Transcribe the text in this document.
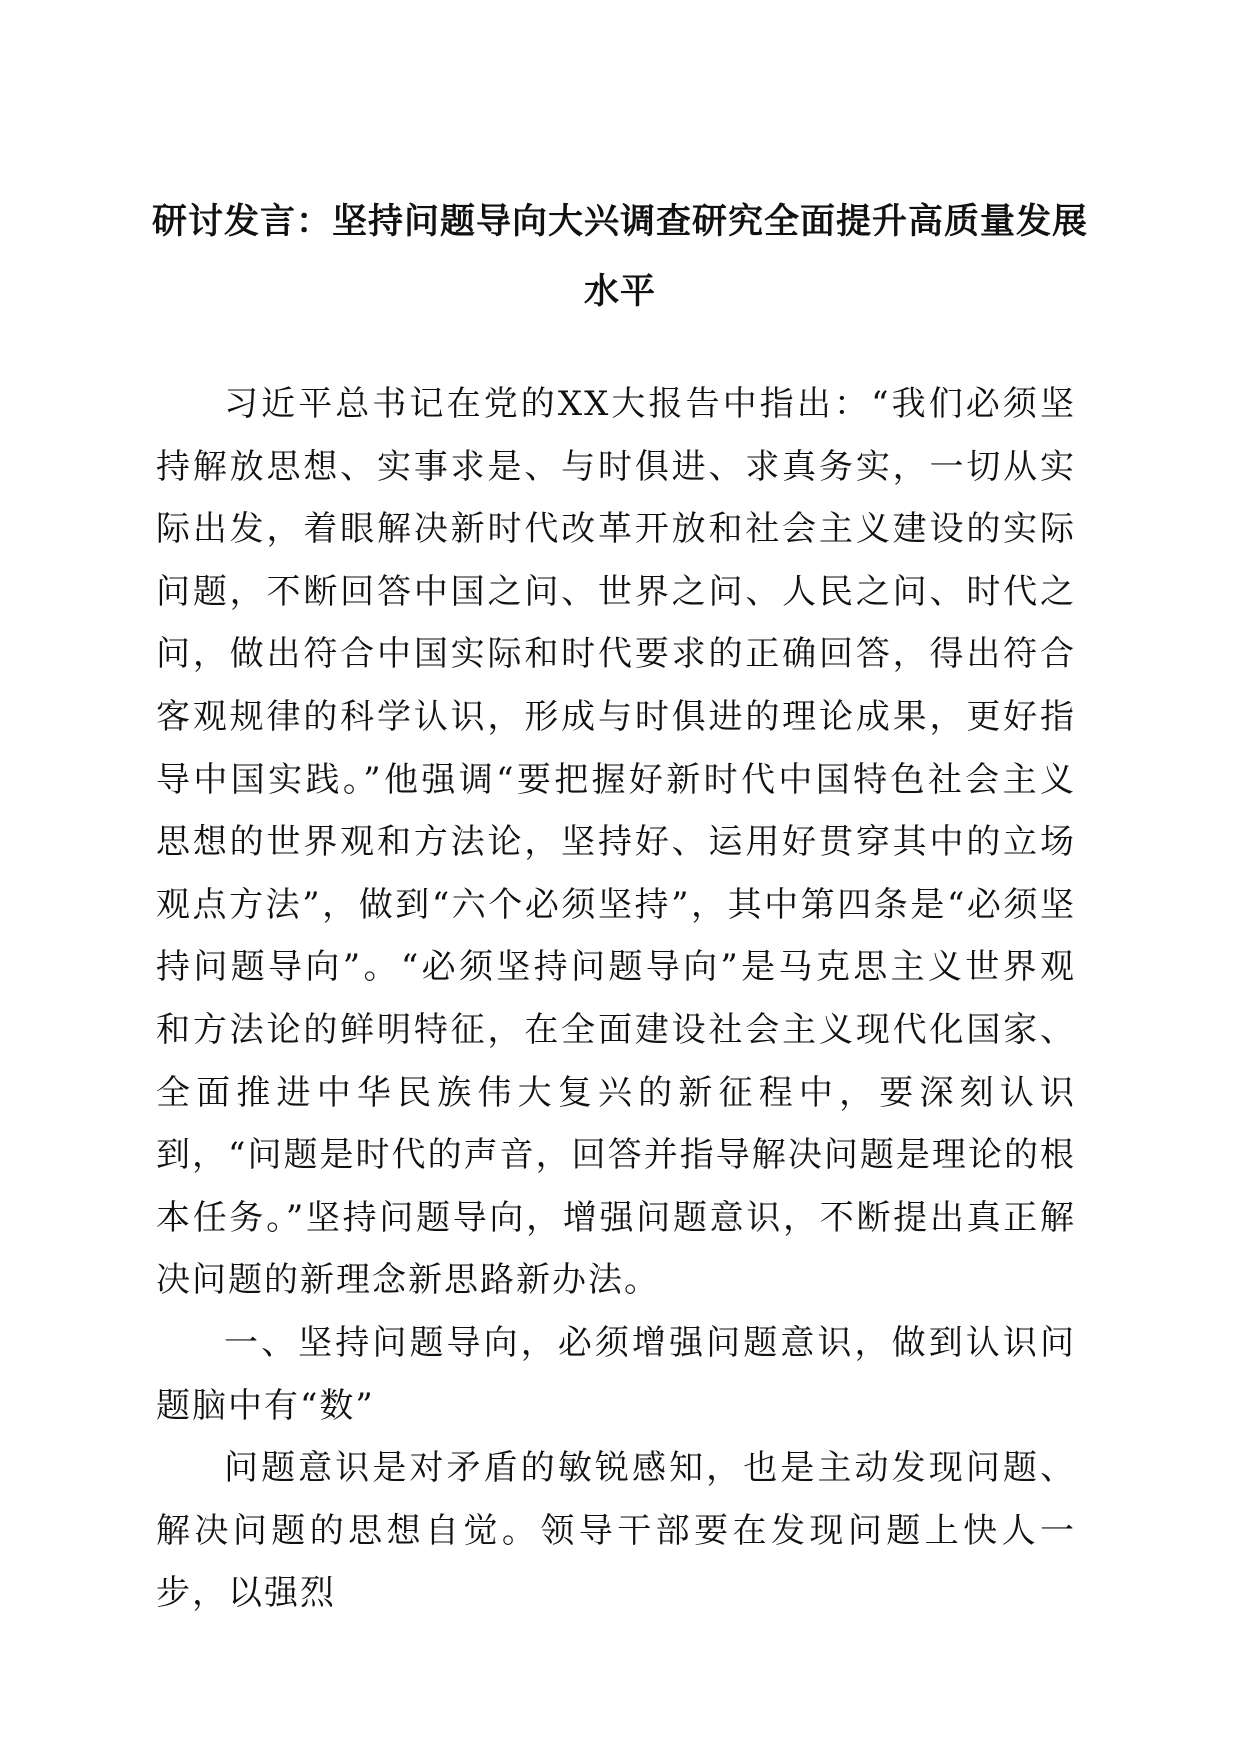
研讨发言：坚持问题导向大兴调查研究全面提升高质量发展水平

习近平总书记在党的XX大报告中指出：“我们必须坚持解放思想、实事求是、与时俱进、求真务实，一切从实际出发，着眼解决新时代改革开放和社会主义建设的实际问题，不断回答中国之问、世界之问、人民之问、时代之问，做出符合中国实际和时代要求的正确回答，得出符合客观规律的科学认识，形成与时俱进的理论成果，更好指导中国实践。”他强调“要把握好新时代中国特色社会主义思想的世界观和方法论，坚持好、运用好贯穿其中的立场观点方法”，做到“六个必须坚持”，其中第四条是“必须坚持问题导向”。“必须坚持问题导向”是马克思主义世界观和方法论的鲜明特征，在全面建设社会主义现代化国家、全面推进中华民族伟大复兴的新征程中，要深刻认识到，“问题是时代的声音，回答并指导解决问题是理论的根本任务。”坚持问题导向，增强问题意识，不断提出真正解决问题的新理念新思路新办法。

一、坚持问题导向，必须增强问题意识，做到认识问题脑中有“数”

问题意识是对矛盾的敏锐感知，也是主动发现问题、解决问题的思想自觉。领导干部要在发现问题上快人一步，以强烈
